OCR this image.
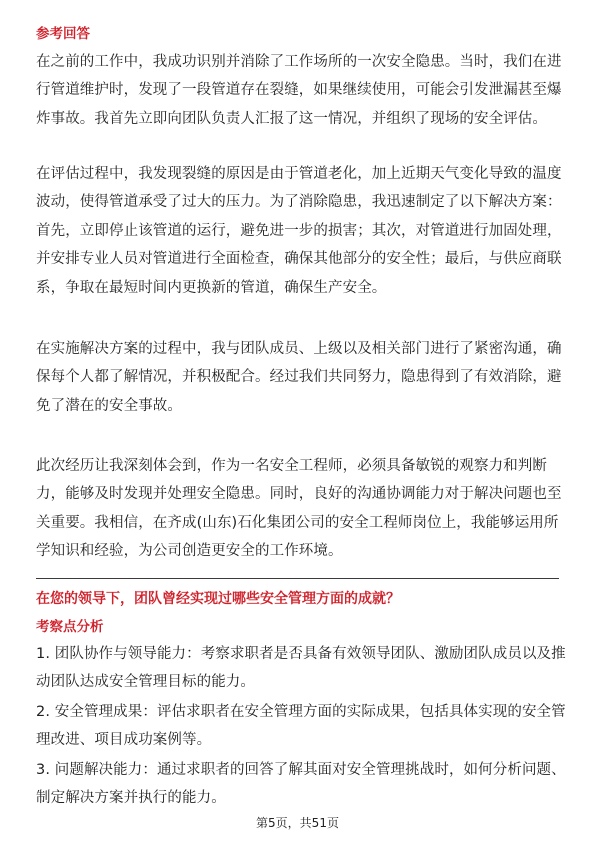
参考回答
在之前的工作中，我成功识别并消除了工作场所的一次安全隐患。当时，我们在进行管道维护时，发现了一段管道存在裂缝，如果继续使用，可能会引发泄漏甚至爆炸事故。我首先立即向团队负责人汇报了这一情况，并组织了现场的安全评估。
在评估过程中，我发现裂缝的原因是由于管道老化，加上近期天气变化导致的温度波动，使得管道承受了过大的压力。为了消除隐患，我迅速制定了以下解决方案：首先，立即停止该管道的运行，避免进一步的损害；其次，对管道进行加固处理，并安排专业人员对管道进行全面检查，确保其他部分的安全性；最后，与供应商联系，争取在最短时间内更换新的管道，确保生产安全。
在实施解决方案的过程中，我与团队成员、上级以及相关部门进行了紧密沟通，确保每个人都了解情况，并积极配合。经过我们共同努力，隐患得到了有效消除，避免了潜在的安全事故。
此次经历让我深刻体会到，作为一名安全工程师，必须具备敏锐的观察力和判断力，能够及时发现并处理安全隐患。同时，良好的沟通协调能力对于解决问题也至关重要。我相信，在齐成(山东)石化集团公司的安全工程师岗位上，我能够运用所学知识和经验，为公司创造更安全的工作环境。
在您的领导下，团队曾经实现过哪些安全管理方面的成就？
考察点分析
1. 团队协作与领导能力：考察求职者是否具备有效领导团队、激励团队成员以及推动团队达成安全管理目标的能力。
2. 安全管理成果：评估求职者在安全管理方面的实际成果，包括具体实现的安全管理改进、项目成功案例等。
3. 问题解决能力：通过求职者的回答了解其面对安全管理挑战时，如何分析问题、制定解决方案并执行的能力。
第5页，共51页
